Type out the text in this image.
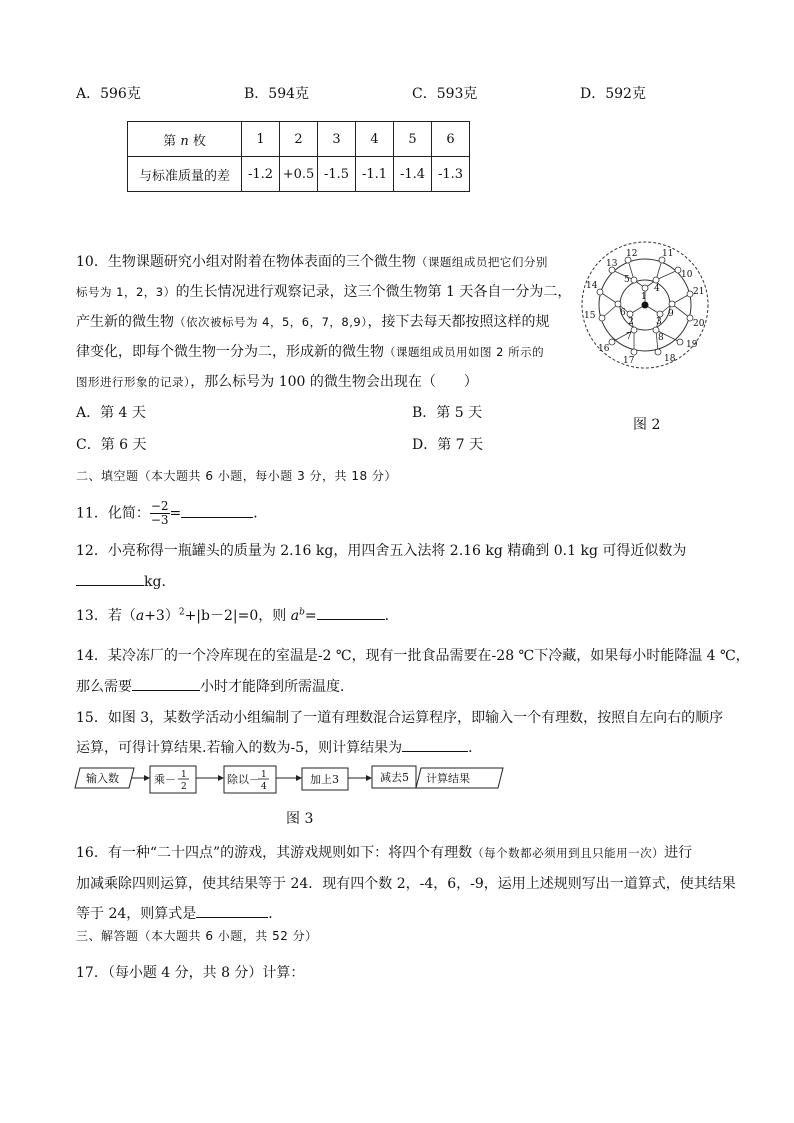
A．596克	B．594克	C．593克	D．592克
第 n 枚	1	2	3	4	5	6
与标准质量的差	-1.2	+0.5	-1.5	-1.1	-1.4	-1.3
10．生物课题研究小组对附着在物体表面的三个微生物（课题组成员把它们分别
标号为 1，2，3）的生长情况进行观察记录，这三个微生物第 1 天各自一分为二，
产生新的微生物（依次被标号为 4，5，6，7，8,9），接下去每天都按照这样的规
律变化，即每个微生物一分为二，形成新的微生物（课题组成员用如图 2 所示的
图形进行形象的记录），那么标号为 100 的微生物会出现在（　　）
A．第 4 天	B．第 5 天
C．第 6 天	D．第 7 天
图 2
1
2 3
4
5
6
7	8
9
10
11
12
13
14
15
16
17	18
19
20
21
二、填空题（本大题共 6 小题，每小题 3 分，共 18 分）
11．化简： $\frac{-2}{-3}$ =	．
12．小亮称得一瓶罐头的质量为 2.16 kg，用四舍五入法将 2.16 kg 精确到 0.1 kg 可得近似数为
kg．
13．若$(a+3)^2+|b-2|=0$，则 $a^b=$	．
14．某冷冻厂的一个冷库现在的室温是-2 ℃，现有一批食品需要在-28 ℃下冷藏，如果每小时能降温 4 ℃，
那么需要	小时才能降到所需温度．
15．如图 3，某数学活动小组编制了一道有理数混合运算程序，即输入一个有理数，按照自左向右的顺序
运算，可得计算结果.若输入的数为-5，则计算结果为	．
输入数	乘－ 1
2
除以－ 1
4
加上3	减去5 计算结果
图 3
16．有一种“二十四点”的游戏，其游戏规则如下：将四个有理数（每个数都必须用到且只能用一次）进行
加减乘除四则运算，使其结果等于 24．现有四个数 2，-4，6，-9，运用上述规则写出一道算式，使其结果
等于 24，则算式是	．
三、解答题（本大题共 6 小题，共 52 分）
17．（每小题 4 分，共 8 分）计算：
